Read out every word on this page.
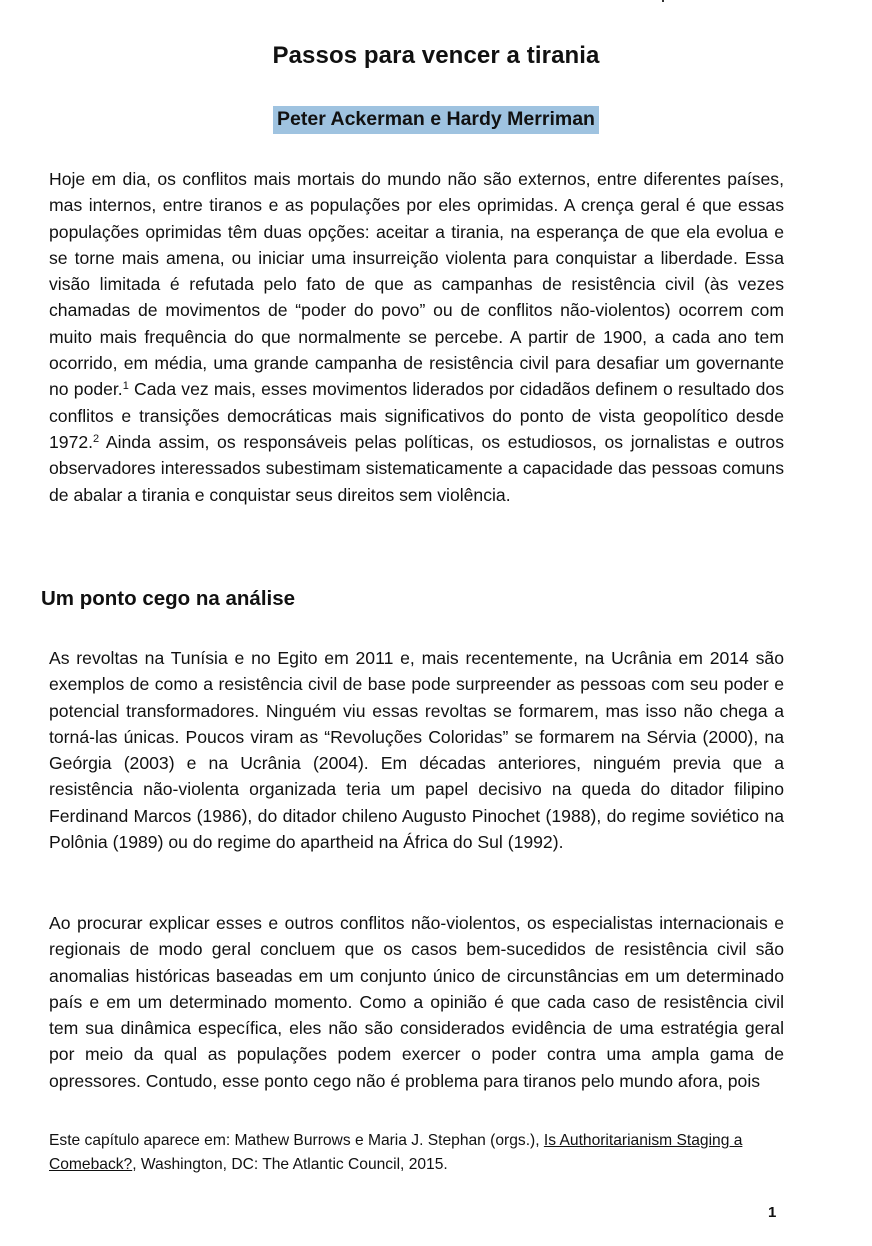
Passos para vencer a tirania
Peter Ackerman e Hardy Merriman

Hoje em dia, os conflitos mais mortais do mundo não são externos, entre diferentes países, mas internos, entre tiranos e as populações por eles oprimidas. A crença geral é que essas populações oprimidas têm duas opções: aceitar a tirania, na esperança de que ela evolua e se torne mais amena, ou iniciar uma insurreição violenta para conquistar a liberdade. Essa visão limitada é refutada pelo fato de que as campanhas de resistência civil (às vezes chamadas de movimentos de “poder do povo” ou de conflitos não-violentos) ocorrem com muito mais frequência do que normalmente se percebe. A partir de 1900, a cada ano tem ocorrido, em média, uma grande campanha de resistência civil para desafiar um governante no poder.$^1$ Cada vez mais, esses movimentos liderados por cidadãos definem o resultado dos conflitos e transições democráticas mais significativos do ponto de vista geopolítico desde 1972.$^2$ Ainda assim, os responsáveis pelas políticas, os estudiosos, os jornalistas e outros observadores interessados subestimam sistematicamente a capacidade das pessoas comuns de abalar a tirania e conquistar seus direitos sem violência.

Um ponto cego na análise

As revoltas na Tunísia e no Egito em 2011 e, mais recentemente, na Ucrânia em 2014 são exemplos de como a resistência civil de base pode surpreender as pessoas com seu poder e potencial transformadores. Ninguém viu essas revoltas se formarem, mas isso não chega a torná-las únicas. Poucos viram as “Revoluções Coloridas” se formarem na Sérvia (2000), na Geórgia (2003) e na Ucrânia (2004). Em décadas anteriores, ninguém previa que a resistência não-violenta organizada teria um papel decisivo na queda do ditador filipino Ferdinand Marcos (1986), do ditador chileno Augusto Pinochet (1988), do regime soviético na Polônia (1989) ou do regime do apartheid na África do Sul (1992).

Ao procurar explicar esses e outros conflitos não-violentos, os especialistas internacionais e regionais de modo geral concluem que os casos bem-sucedidos de resistência civil são anomalias históricas baseadas em um conjunto único de circunstâncias em um determinado país e em um determinado momento. Como a opinião é que cada caso de resistência civil tem sua dinâmica específica, eles não são considerados evidência de uma estratégia geral por meio da qual as populações podem exercer o poder contra uma ampla gama de opressores. Contudo, esse ponto cego não é problema para tiranos pelo mundo afora, pois

Este capítulo aparece em: Mathew Burrows e Maria J. Stephan (orgs.), Is Authoritarianism Staging a Comeback?, Washington, DC: The Atlantic Council, 2015.
1
